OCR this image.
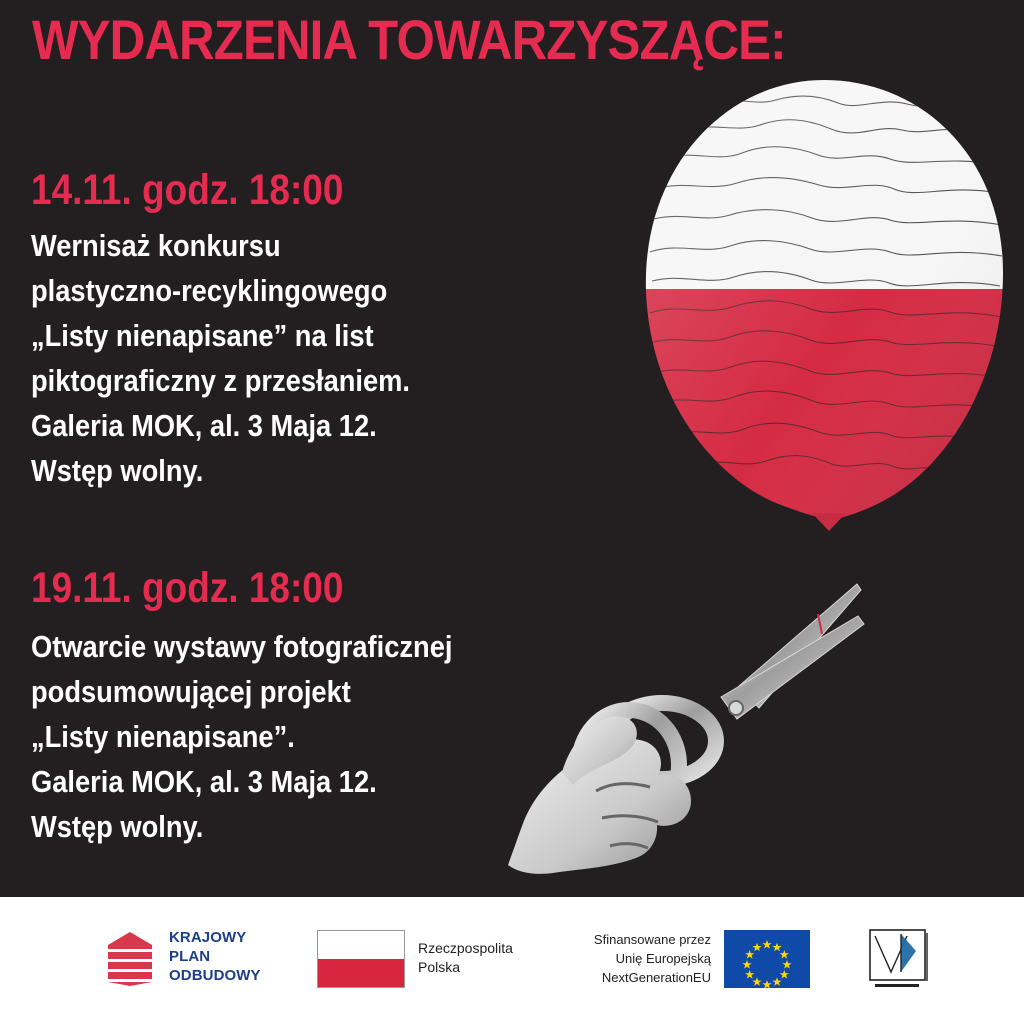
WYDARZENIA TOWARZYSZĄCE:
14.11. godz. 18:00
Wernisaż konkursu
plastyczno-recyklingowego
„Listy nienapisane” na list
piktograficzny z przesłaniem.
Galeria MOK, al. 3 Maja 12.
Wstęp wolny.
19.11. godz. 18:00
Otwarcie wystawy fotograficznej
podsumowującej projekt
„Listy nienapisane”.
Galeria MOK, al. 3 Maja 12.
Wstęp wolny.
KRAJOWY
PLAN
ODBUDOWY
Rzeczpospolita
Polska
Sfinansowane przez
Unię Europejską
NextGenerationEU
